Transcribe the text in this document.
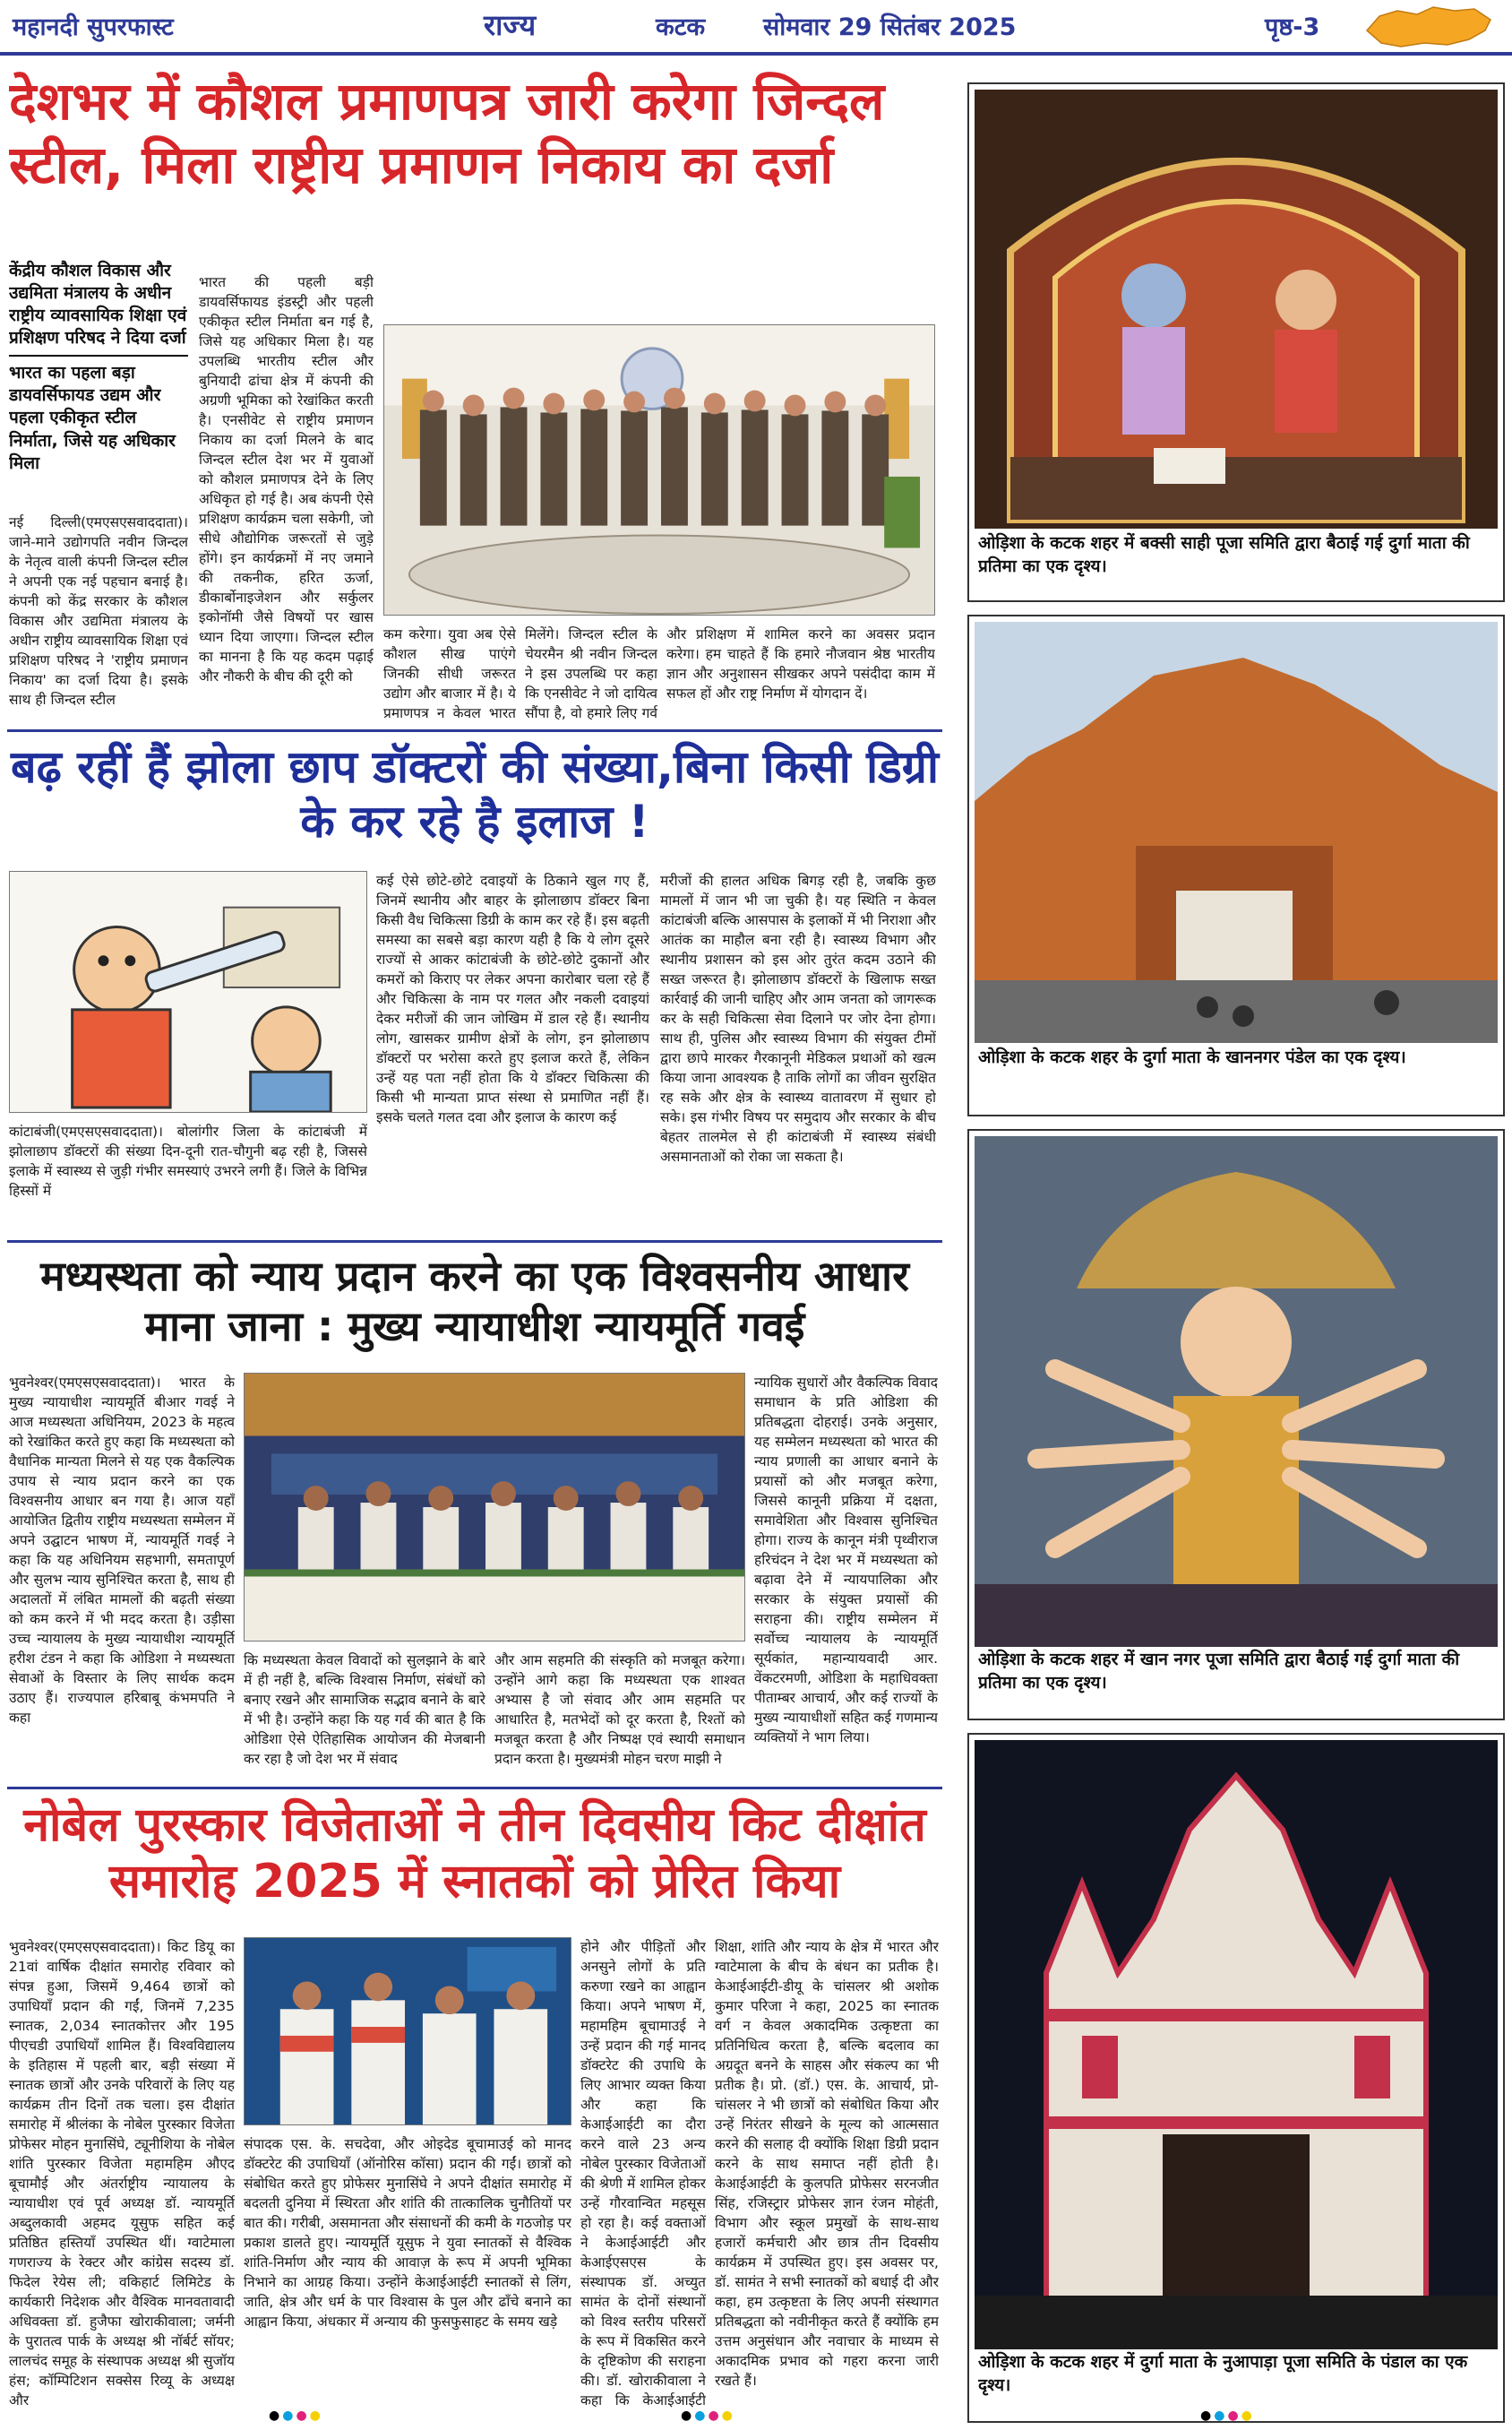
महानदी सुपरफास्ट	राज्य	कटक सोमवार 29 सितंबर 2025	पृष्ठ-3
देशभर में कौशल प्रमाणपत्र जारी करेगा जिन्दल स्टील, मिला राष्ट्रीय प्रमाणन निकाय का दर्जा
केंद्रीय कौशल विकास और उद्यमिता मंत्रालय के अधीन राष्ट्रीय व्यावसायिक शिक्षा एवं प्रशिक्षण परिषद ने दिया दर्जा
भारत का पहला बड़ा डायवर्सिफायड उद्यम और पहला एकीकृत स्टील निर्माता, जिसे यह अधिकार मिला
नई दिल्ली(एमएसएसवाददाता)। जाने-माने उद्योगपति नवीन जिन्दल के नेतृत्व वाली कंपनी जिन्दल स्टील ने अपनी एक नई पहचान बनाई है। कंपनी को केंद्र सरकार के कौशल विकास और उद्यमिता मंत्रालय के अधीन राष्ट्रीय व्यावसायिक शिक्षा एवं प्रशिक्षण परिषद ने 'राष्ट्रीय प्रमाणन निकाय' का दर्जा दिया है। इसके साथ ही जिन्दल स्टील
भारत की पहली बड़ी डायवर्सिफायड इंडस्ट्री और पहली एकीकृत स्टील निर्माता बन गई है, जिसे यह अधिकार मिला है। यह उपलब्धि भारतीय स्टील और बुनियादी ढांचा क्षेत्र में कंपनी की अग्रणी भूमिका को रेखांकित करती है। एनसीवेट से राष्ट्रीय प्रमाणन निकाय का दर्जा मिलने के बाद जिन्दल स्टील देश भर में युवाओं को कौशल प्रमाणपत्र देने के लिए अधिकृत हो गई है। अब कंपनी ऐसे प्रशिक्षण कार्यक्रम चला सकेगी, जो सीधे औद्योगिक जरूरतों से जुड़े होंगे। इन कार्यक्रमों में नए जमाने की तकनीक, हरित ऊर्जा, डीकार्बोनाइजेशन और सर्कुलर इकोनॉमी जैसे विषयों पर खास ध्यान दिया जाएगा। जिन्दल स्टील का मानना है कि यह कदम पढ़ाई और नौकरी के बीच की दूरी को
कम करेगा। युवा अब ऐसे कौशल सीख पाएंगे जिनकी सीधी जरूरत उद्योग और बाजार में है। ये प्रमाणपत्र न केवल भारत
मिलेंगे। जिन्दल स्टील के चेयरमैन श्री नवीन जिन्दल ने इस उपलब्धि पर कहा कि एनसीवेट ने जो दायित्व सौंपा है, वो हमारे लिए गर्व
और प्रशिक्षण में शामिल करने का अवसर प्रदान करेगा। हम चाहते हैं कि हमारे नौजवान श्रेष्ठ भारतीय ज्ञान और अनुशासन सीखकर अपने पसंदीदा काम में सफल हों और राष्ट्र निर्माण में योगदान दें।
बढ़ रहीं हैं झोला छाप डॉक्टरों की संख्या,बिना किसी डिग्री के कर रहे है इलाज !
कांटाबंजी(एमएसएसवाददाता)। बोलांगीर जिला के कांटाबंजी में झोलाछाप डॉक्टरों की संख्या दिन-दूनी रात-चौगुनी बढ़ रही है, जिससे इलाके में स्वास्थ्य से जुड़ी गंभीर समस्याएं उभरने लगी हैं। जिले के विभिन्न हिस्सों में
कई ऐसे छोटे-छोटे दवाइयों के ठिकाने खुल गए हैं, जिनमें स्थानीय और बाहर के झोलाछाप डॉक्टर बिना किसी वैध चिकित्सा डिग्री के काम कर रहे हैं। इस बढ़ती समस्या का सबसे बड़ा कारण यही है कि ये लोग दूसरे राज्यों से आकर कांटाबंजी के छोटे-छोटे दुकानों और कमरों को किराए पर लेकर अपना कारोबार चला रहे हैं और चिकित्सा के नाम पर गलत और नकली दवाइयां देकर मरीजों की जान जोखिम में डाल रहे हैं। स्थानीय लोग, खासकर ग्रामीण क्षेत्रों के लोग, इन झोलाछाप डॉक्टरों पर भरोसा करते हुए इलाज करते हैं, लेकिन उन्हें यह पता नहीं होता कि ये डॉक्टर चिकित्सा की किसी भी मान्यता प्राप्त संस्था से प्रमाणित नहीं हैं। इसके चलते गलत दवा और इलाज के कारण कई
मरीजों की हालत अधिक बिगड़ रही है, जबकि कुछ मामलों में जान भी जा चुकी है। यह स्थिति न केवल कांटाबंजी बल्कि आसपास के इलाकों में भी निराशा और आतंक का माहौल बना रही है। स्वास्थ्य विभाग और स्थानीय प्रशासन को इस ओर तुरंत कदम उठाने की सख्त जरूरत है। झोलाछाप डॉक्टरों के खिलाफ सख्त कार्रवाई की जानी चाहिए और आम जनता को जागरूक कर के सही चिकित्सा सेवा दिलाने पर जोर देना होगा। साथ ही, पुलिस और स्वास्थ्य विभाग की संयुक्त टीमों द्वारा छापे मारकर गैरकानूनी मेडिकल प्रथाओं को खत्म किया जाना आवश्यक है ताकि लोगों का जीवन सुरक्षित रह सके और क्षेत्र के स्वास्थ्य वातावरण में सुधार हो सके। इस गंभीर विषय पर समुदाय और सरकार के बीच बेहतर तालमेल से ही कांटाबंजी में स्वास्थ्य संबंधी असमानताओं को रोका जा सकता है।
मध्यस्थता को न्याय प्रदान करने का एक विश्वसनीय आधार माना जाना : मुख्य न्यायाधीश न्यायमूर्ति गवई
भुवनेश्वर(एमएसएसवाददाता)। भारत के मुख्य न्यायाधीश न्यायमूर्ति बीआर गवई ने आज मध्यस्थता अधिनियम, 2023 के महत्व को रेखांकित करते हुए कहा कि मध्यस्थता को वैधानिक मान्यता मिलने से यह एक वैकल्पिक उपाय से न्याय प्रदान करने का एक विश्वसनीय आधार बन गया है। आज यहाँ आयोजित द्वितीय राष्ट्रीय मध्यस्थता सम्मेलन में अपने उद्घाटन भाषण में, न्यायमूर्ति गवई ने कहा कि यह अधिनियम सहभागी, समतापूर्ण और सुलभ न्याय सुनिश्चित करता है, साथ ही अदालतों में लंबित मामलों की बढ़ती संख्या को कम करने में भी मदद करता है। उड़ीसा उच्च न्यायालय के मुख्य न्यायाधीश न्यायमूर्ति हरीश टंडन ने कहा कि ओडिशा ने मध्यस्थता सेवाओं के विस्तार के लिए सार्थक कदम उठाए हैं। राज्यपाल हरिबाबू कंभमपति ने कहा
कि मध्यस्थता केवल विवादों को सुलझाने के बारे में ही नहीं है, बल्कि विश्वास निर्माण, संबंधों को बनाए रखने और सामाजिक सद्भाव बनाने के बारे में भी है। उन्होंने कहा कि यह गर्व की बात है कि ओडिशा ऐसे ऐतिहासिक आयोजन की मेजबानी कर रहा है जो देश भर में संवाद
और आम सहमति की संस्कृति को मजबूत करेगा। उन्होंने आगे कहा कि मध्यस्थता एक शाश्वत अभ्यास है जो संवाद और आम सहमति पर आधारित है, मतभेदों को दूर करता है, रिश्तों को मजबूत करता है और निष्पक्ष एवं स्थायी समाधान प्रदान करता है। मुख्यमंत्री मोहन चरण माझी ने
न्यायिक सुधारों और वैकल्पिक विवाद समाधान के प्रति ओडिशा की प्रतिबद्धता दोहराई। उनके अनुसार, यह सम्मेलन मध्यस्थता को भारत की न्याय प्रणाली का आधार बनाने के प्रयासों को और मजबूत करेगा, जिससे कानूनी प्रक्रिया में दक्षता, समावेशिता और विश्वास सुनिश्चित होगा। राज्य के कानून मंत्री पृथ्वीराज हरिचंदन ने देश भर में मध्यस्थता को बढ़ावा देने में न्यायपालिका और सरकार के संयुक्त प्रयासों की सराहना की। राष्ट्रीय सम्मेलन में सर्वोच्च न्यायालय के न्यायमूर्ति सूर्यकांत, महान्यायवादी आर. वेंकटरमणी, ओडिशा के महाधिवक्ता पीताम्बर आचार्य, और कई राज्यों के मुख्य न्यायाधीशों सहित कई गणमान्य व्यक्तियों ने भाग लिया।
नोबेल पुरस्कार विजेताओं ने तीन दिवसीय किट दीक्षांत समारोह 2025 में स्नातकों को प्रेरित किया
भुवनेश्वर(एमएसएसवाददाता)। किट डियू का 21वां वार्षिक दीक्षांत समारोह रविवार को संपन्न हुआ, जिसमें 9,464 छात्रों को उपाधियाँ प्रदान की गईं, जिनमें 7,235 स्नातक, 2,034 स्नातकोत्तर और 195 पीएचडी उपाधियाँ शामिल हैं। विश्वविद्यालय के इतिहास में पहली बार, बड़ी संख्या में स्नातक छात्रों और उनके परिवारों के लिए यह कार्यक्रम तीन दिनों तक चला। इस दीक्षांत समारोह में श्रीलंका के नोबेल पुरस्कार विजेता प्रोफेसर मोहन मुनासिंघे, ट्यूनीशिया के नोबेल शांति पुरस्कार विजेता महामहिम औएद बूचामौई और अंतर्राष्ट्रीय न्यायालय के न्यायाधीश एवं पूर्व अध्यक्ष डॉ. न्यायमूर्ति अब्दुलकावी अहमद यूसुफ सहित कई प्रतिष्ठित हस्तियाँ उपस्थित थीं। ग्वाटेमाला गणराज्य के रेक्टर और कांग्रेस सदस्य डॉ. फिदेल रेयेस ली; वकिहार्ट लिमिटेड के कार्यकारी निदेशक और वैश्विक मानवतावादी अधिवक्ता डॉ. हुजैफा खोराकीवाला; जर्मनी के पुरातत्व पार्क के अध्यक्ष श्री नॉर्बर्ट सॉयर; लालचंद समूह के संस्थापक अध्यक्ष श्री सुजॉय हंस; कॉम्पिटिशन सक्सेस रिव्यू के अध्यक्ष और
संपादक एस. के. सचदेवा, और ओइदेड बूचामाउई को मानद डॉक्टरेट की उपाधियाँ (ऑनोरिस कॉसा) प्रदान की गईं। छात्रों को संबोधित करते हुए प्रोफेसर मुनासिंघे ने अपने दीक्षांत समारोह में बदलती दुनिया में स्थिरता और शांति की तात्कालिक चुनौतियों पर बात की। गरीबी, असमानता और संसाधनों की कमी के गठजोड़ पर प्रकाश डालते हुए। न्यायमूर्ति यूसुफ ने युवा स्नातकों से वैश्विक शांति-निर्माण और न्याय की आवाज़ के रूप में अपनी भूमिका निभाने का आग्रह किया। उन्होंने केआईआईटी स्नातकों से लिंग, जाति, क्षेत्र और धर्म के पार विश्वास के पुल और ढाँचे बनाने का आह्वान किया, अंधकार में अन्याय की फुसफुसाहट के समय खड़े
होने और पीड़ितों और अनसुने लोगों के प्रति करुणा रखने का आह्वान किया। अपने भाषण में, महामहिम बूचामाउई ने उन्हें प्रदान की गई मानद डॉक्टरेट की उपाधि के लिए आभार व्यक्त किया और कहा कि केआईआईटी का दौरा करने वाले 23 अन्य नोबेल पुरस्कार विजेताओं की श्रेणी में शामिल होकर उन्हें गौरवान्वित महसूस हो रहा है। कई वक्ताओं ने केआईआईटी और केआईएसएस के संस्थापक डॉ. अच्युत सामंत के दोनों संस्थानों को विश्व स्तरीय परिसरों के रूप में विकसित करने के दृष्टिकोण की सराहना की। डॉ. खोराकीवाला ने कहा कि केआईआईटी
शिक्षा, शांति और न्याय के क्षेत्र में भारत और ग्वाटेमाला के बीच के बंधन का प्रतीक है। केआईआईटी-डीयू के चांसलर श्री अशोक कुमार परिजा ने कहा, 2025 का स्नातक वर्ग न केवल अकादमिक उत्कृष्टता का प्रतिनिधित्व करता है, बल्कि बदलाव का अग्रदूत बनने के साहस और संकल्प का भी प्रतीक है। प्रो. (डॉ.) एस. के. आचार्य, प्रो-चांसलर ने भी छात्रों को संबोधित किया और उन्हें निरंतर सीखने के मूल्य को आत्मसात करने की सलाह दी क्योंकि शिक्षा डिग्री प्रदान करने के साथ समाप्त नहीं होती है। केआईआईटी के कुलपति प्रोफेसर सरनजीत सिंह, रजिस्ट्रार प्रोफेसर ज्ञान रंजन मोहंती, विभाग और स्कूल प्रमुखों के साथ-साथ हजारों कर्मचारी और छात्र तीन दिवसीय कार्यक्रम में उपस्थित हुए। इस अवसर पर, डॉ. सामंत ने सभी स्नातकों को बधाई दी और कहा, हम उत्कृष्टता के लिए अपनी संस्थागत प्रतिबद्धता को नवीनीकृत करते हैं क्योंकि हम उत्तम अनुसंधान और नवाचार के माध्यम से अकादमिक प्रभाव को गहरा करना जारी रखते हैं।
ओड़िशा के कटक शहर में बक्सी साही पूजा समिति द्वारा बैठाई गई दुर्गा माता की प्रतिमा का एक दृश्य।
ओड़िशा के कटक शहर के दुर्गा माता के खाननगर पंडेल का एक दृश्य।
ओड़िशा के कटक शहर में खान नगर पूजा समिति द्वारा बैठाई गई दुर्गा माता की प्रतिमा का एक दृश्य।
ओड़िशा के कटक शहर में दुर्गा माता के नुआपाड़ा पूजा समिति के पंडाल का एक दृश्य।
●●●●	●●●●	●●●●
